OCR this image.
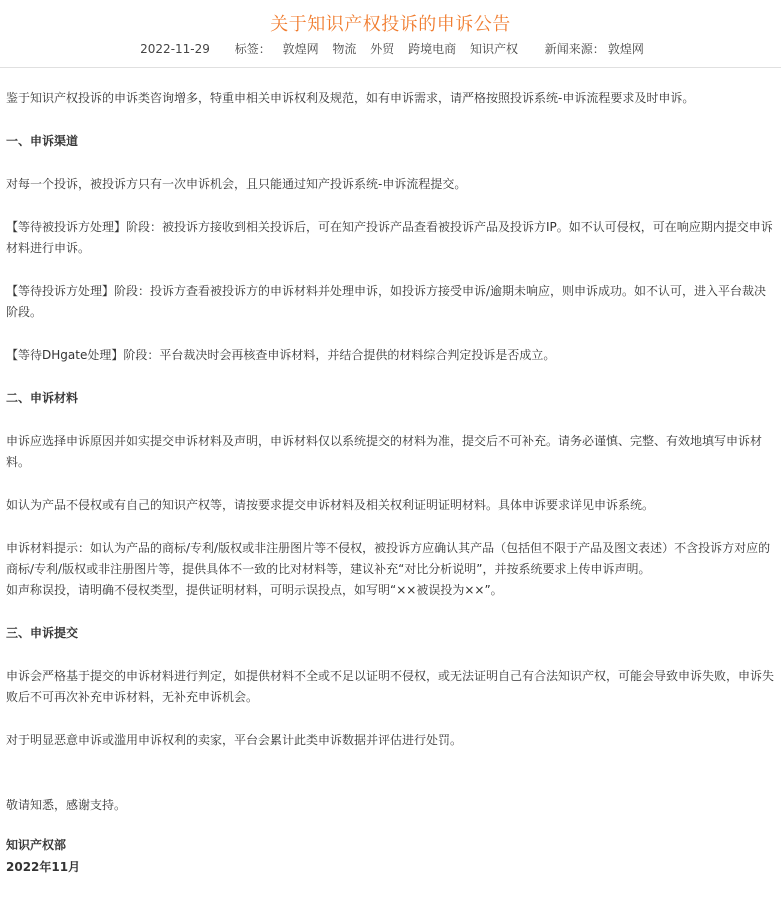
关于知识产权投诉的申诉公告
2022-11-29 标签： 敦煌网 物流 外贸 跨境电商 知识产权 新闻来源： 敦煌网

鉴于知识产权投诉的申诉类咨询增多，特重申相关申诉权利及规范，如有申诉需求，请严格按照投诉系统-申诉流程要求及时申诉。

一、申诉渠道

对每一个投诉，被投诉方只有一次申诉机会，且只能通过知产投诉系统-申诉流程提交。

【等待被投诉方处理】阶段：被投诉方接收到相关投诉后，可在知产投诉产品查看被投诉产品及投诉方IP。如不认可侵权，可在响应期内提交申诉材料进行申诉。

【等待投诉方处理】阶段：投诉方查看被投诉方的申诉材料并处理申诉，如投诉方接受申诉/逾期未响应，则申诉成功。如不认可，进入平台裁决阶段。

【等待DHgate处理】阶段：平台裁决时会再核查申诉材料，并结合提供的材料综合判定投诉是否成立。

二、申诉材料

申诉应选择申诉原因并如实提交申诉材料及声明，申诉材料仅以系统提交的材料为准，提交后不可补充。请务必谨慎、完整、有效地填写申诉材料。

如认为产品不侵权或有自己的知识产权等，请按要求提交申诉材料及相关权利证明证明材料。具体申诉要求详见申诉系统。

申诉材料提示：如认为产品的商标/专利/版权或非注册图片等不侵权，被投诉方应确认其产品（包括但不限于产品及图文表述）不含投诉方对应的商标/专利/版权或非注册图片等，提供具体不一致的比对材料等，建议补充“对比分析说明”，并按系统要求上传申诉声明。

如声称误投，请明确不侵权类型，提供证明材料，可明示误投点，如写明“××被误投为××”。

三、申诉提交

申诉会严格基于提交的申诉材料进行判定，如提供材料不全或不足以证明不侵权，或无法证明自己有合法知识产权，可能会导致申诉失败，申诉失败后不可再次补充申诉材料，无补充申诉机会。

对于明显恶意申诉或滥用申诉权利的卖家，平台会累计此类申诉数据并评估进行处罚。

敬请知悉，感谢支持。

知识产权部

2022年11月
